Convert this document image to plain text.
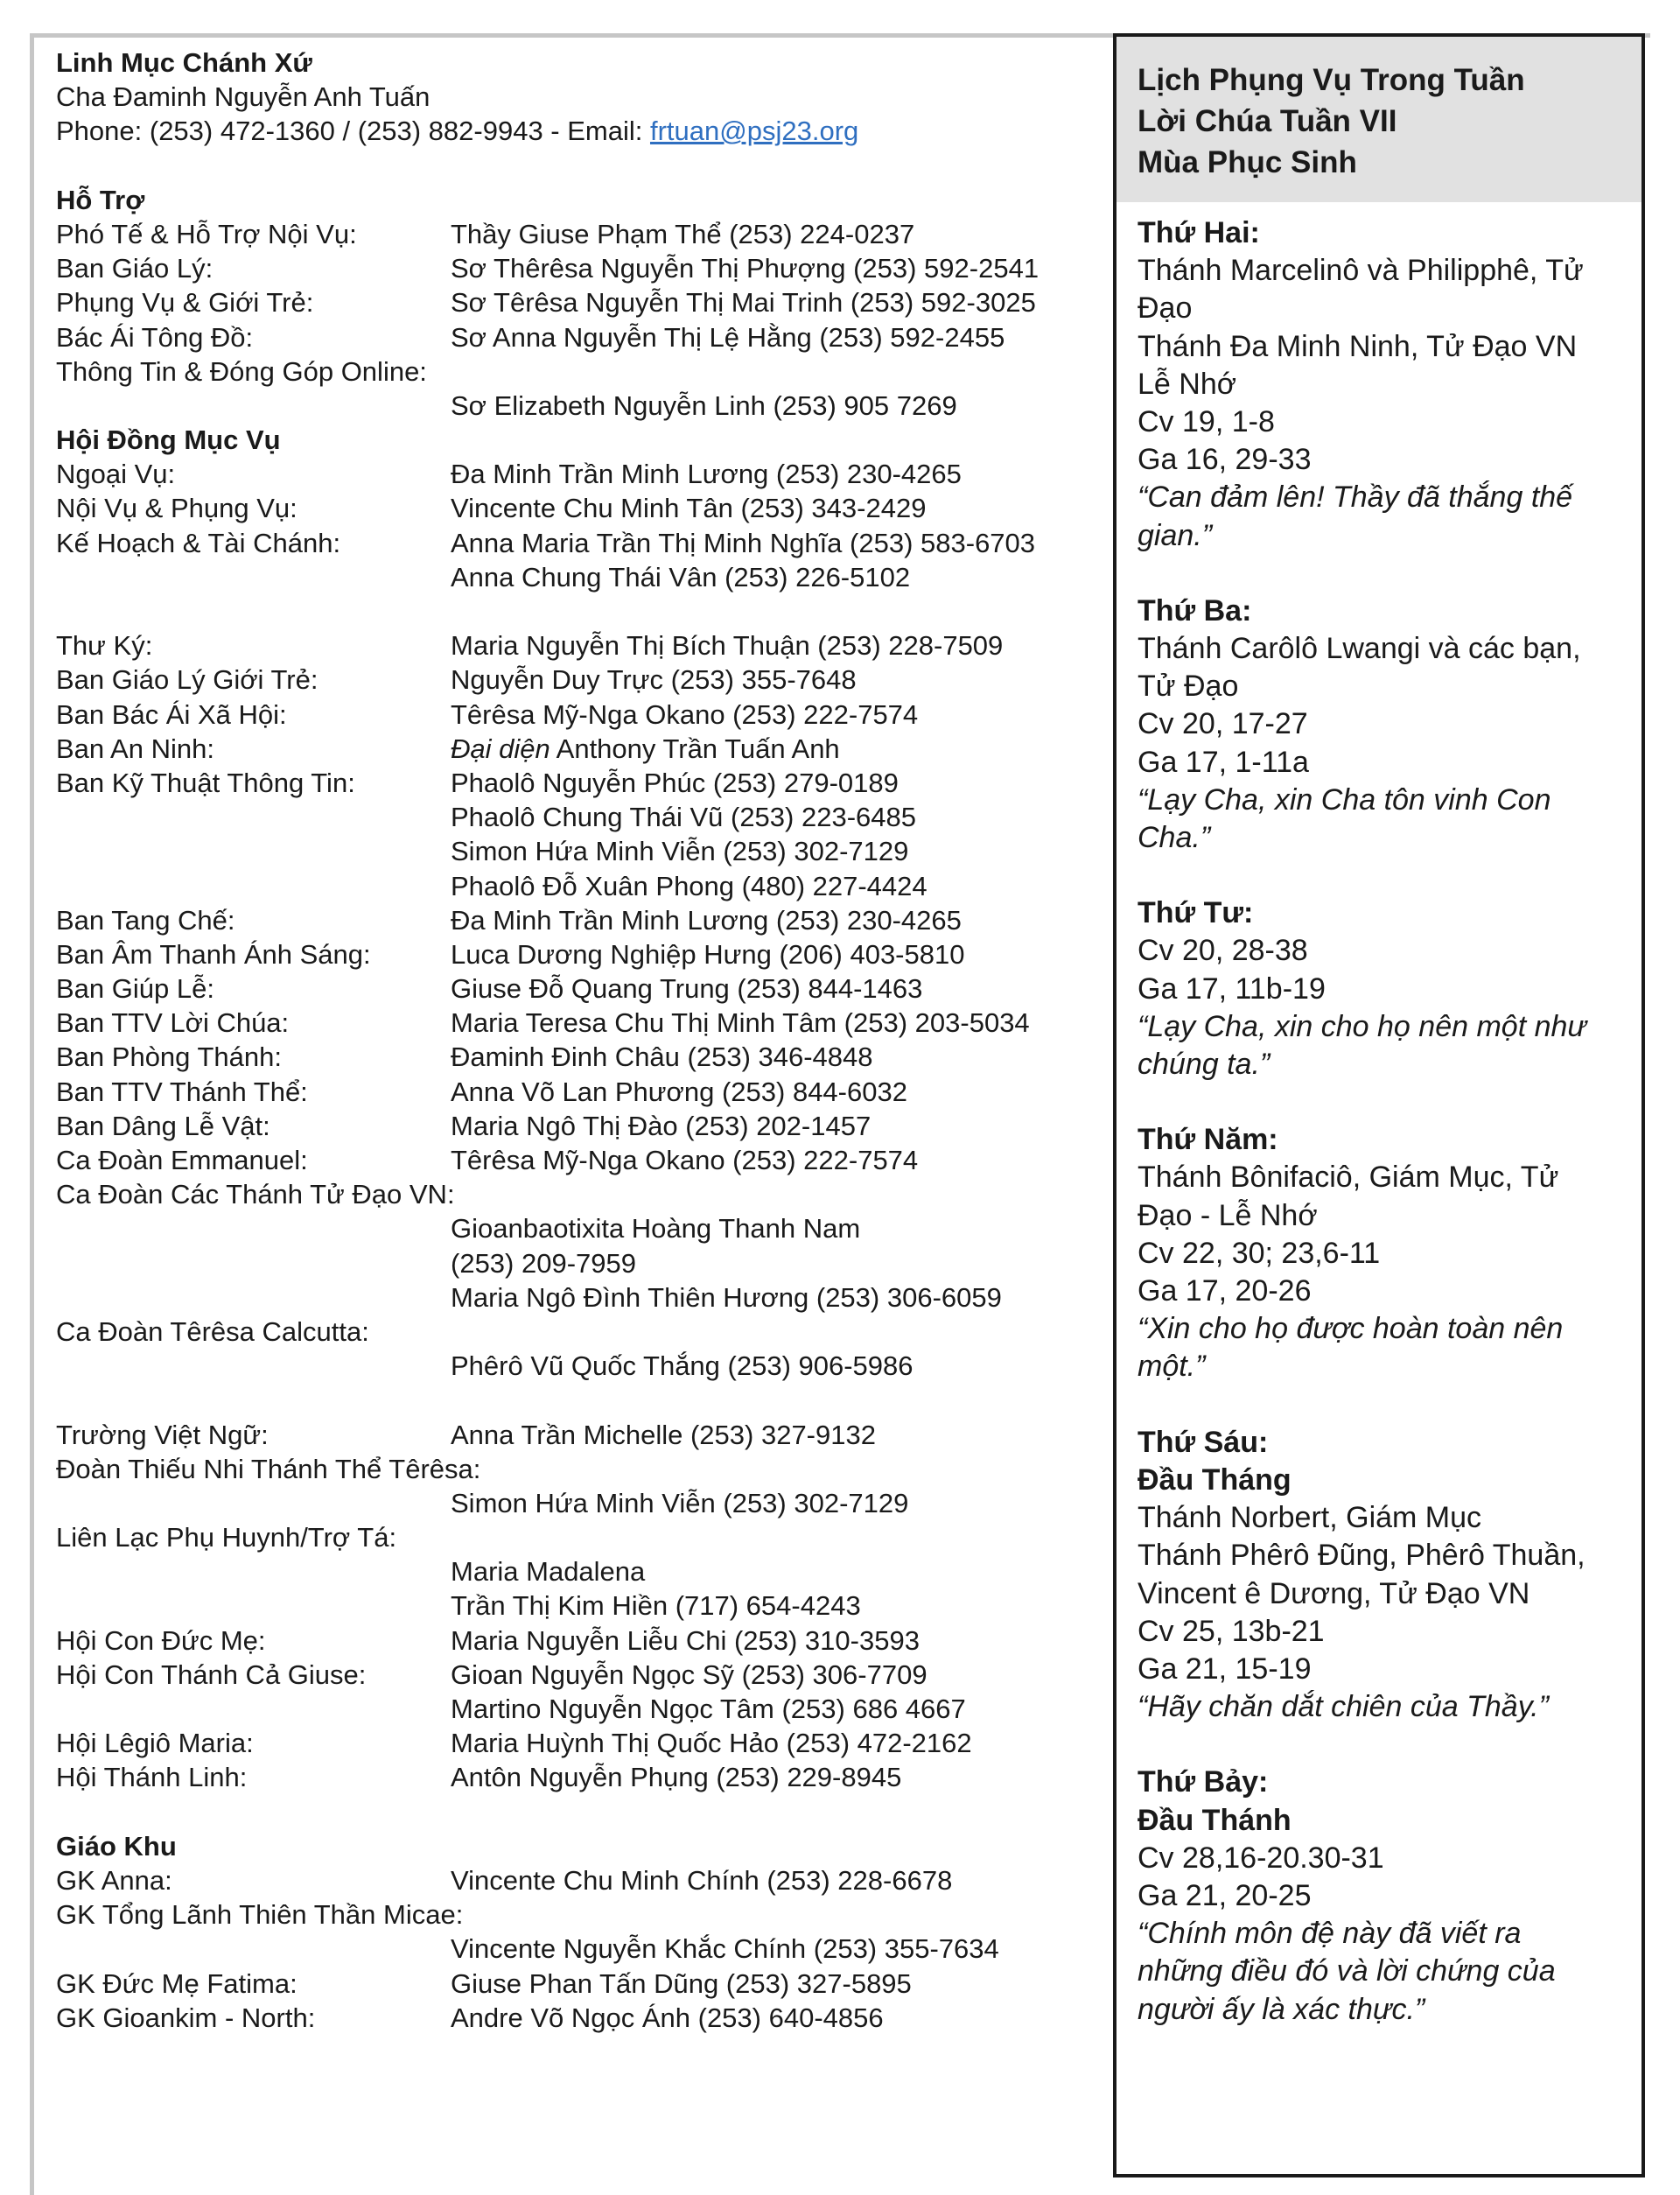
Linh Mục Chánh Xứ
Cha Đaminh Nguyễn Anh Tuấn
Phone: (253) 472-1360 / (253) 882-9943 - Email: frtuan@psj23.org
Hỗ Trợ
Phó Tế & Hỗ Trợ Nội Vụ:	Thầy Giuse Phạm Thể (253) 224-0237
Ban Giáo Lý:	Sơ Thêrêsa Nguyễn Thị Phượng (253) 592-2541
Phụng Vụ & Giới Trẻ:	Sơ Têrêsa Nguyễn Thị Mai Trinh (253) 592-3025
Bác Ái Tông Đồ:	Sơ Anna Nguyễn Thị Lệ Hằng (253) 592-2455
Thông Tin & Đóng Góp Online:
Sơ Elizabeth Nguyễn Linh (253) 905 7269
Hội Đồng Mục Vụ
Ngoại Vụ:	Đa Minh Trần Minh Lương (253) 230-4265
Nội Vụ & Phụng Vụ:	Vincente Chu Minh Tân (253) 343-2429
Kế Hoạch & Tài Chánh:	Anna Maria Trần Thị Minh Nghĩa (253) 583-6703
Anna Chung Thái Vân (253) 226-5102
Thư Ký:	Maria Nguyễn Thị Bích Thuận (253) 228-7509
Ban Giáo Lý Giới Trẻ:	Nguyễn Duy Trực (253) 355-7648
Ban Bác Ái Xã Hội:	Têrêsa Mỹ-Nga Okano (253) 222-7574
Ban An Ninh:	Đại diện Anthony Trần Tuấn Anh
Ban Kỹ Thuật Thông Tin:	Phaolô Nguyễn Phúc (253) 279-0189
Phaolô Chung Thái Vũ (253) 223-6485
Simon Hứa Minh Viễn (253) 302-7129
Phaolô Đỗ Xuân Phong (480) 227-4424
Ban Tang Chế:	Đa Minh Trần Minh Lương (253) 230-4265
Ban Âm Thanh Ánh Sáng:	Luca Dương Nghiệp Hưng (206) 403-5810
Ban Giúp Lễ:	Giuse Đỗ Quang Trung (253) 844-1463
Ban TTV Lời Chúa:	Maria Teresa Chu Thị Minh Tâm (253) 203-5034
Ban Phòng Thánh:	Đaminh Đinh Châu (253) 346-4848
Ban TTV Thánh Thể:	Anna Võ Lan Phương (253) 844-6032
Ban Dâng Lễ Vật:	Maria Ngô Thị Đào (253) 202-1457
Ca Đoàn Emmanuel:	Têrêsa Mỹ-Nga Okano (253) 222-7574
Ca Đoàn Các Thánh Tử Đạo VN:
Gioanbaotixita Hoàng Thanh Nam
(253) 209-7959
Maria Ngô Đình Thiên Hương (253) 306-6059
Ca Đoàn Têrêsa Calcutta:
Phêrô Vũ Quốc Thắng (253) 906-5986
Trường Việt Ngữ:	Anna Trần Michelle (253) 327-9132
Đoàn Thiếu Nhi Thánh Thể Têrêsa:
Simon Hứa Minh Viễn (253) 302-7129
Liên Lạc Phụ Huynh/Trợ Tá:
Maria Madalena
Trần Thị Kim Hiền (717) 654-4243
Hội Con Đức Mẹ:	Maria Nguyễn Liễu Chi (253) 310-3593
Hội Con Thánh Cả Giuse:	Gioan Nguyễn Ngọc Sỹ (253) 306-7709
Martino Nguyễn Ngọc Tâm (253) 686 4667
Hội Lêgiô Maria:	Maria Huỳnh Thị Quốc Hảo (253) 472-2162
Hội Thánh Linh:	Antôn Nguyễn Phụng (253) 229-8945
Giáo Khu
GK Anna:	Vincente Chu Minh Chính (253) 228-6678
GK Tổng Lãnh Thiên Thần Micae:
Vincente Nguyễn Khắc Chính (253) 355-7634
GK Đức Mẹ Fatima:	Giuse Phan Tấn Dũng (253) 327-5895
GK Gioankim - North:	Andre Võ Ngọc Ánh (253) 640-4856
Lịch Phụng Vụ Trong Tuần
Lời Chúa Tuần VII
Mùa Phục Sinh
Thứ Hai:
Thánh Marcelinô và Philipphê, Tử
Đạo
Thánh Đa Minh Ninh, Tử Đạo VN
Lễ Nhớ
Cv 19, 1-8
Ga 16, 29-33
“Can đảm lên! Thầy đã thắng thế
gian.”
Thứ Ba:
Thánh Carôlô Lwangi và các bạn,
Tử Đạo
Cv 20, 17-27
Ga 17, 1-11a
“Lạy Cha, xin Cha tôn vinh Con
Cha.”
Thứ Tư:
Cv 20, 28-38
Ga 17, 11b-19
“Lạy Cha, xin cho họ nên một như
chúng ta.”
Thứ Năm:
Thánh Bônifaciô, Giám Mục, Tử
Đạo - Lễ Nhớ
Cv 22, 30; 23,6-11
Ga 17, 20-26
“Xin cho họ được hoàn toàn nên
một.”
Thứ Sáu:
Đầu Tháng
Thánh Norbert, Giám Mục
Thánh Phêrô Đũng, Phêrô Thuần,
Vincent ê Dương, Tử Đạo VN
Cv 25, 13b-21
Ga 21, 15-19
“Hãy chăn dắt chiên của Thầy.”
Thứ Bảy:
Đầu Thánh
Cv 28,16-20.30-31
Ga 21, 20-25
“Chính môn đệ này đã viết ra
những điều đó và lời chứng của
người ấy là xác thực.”
